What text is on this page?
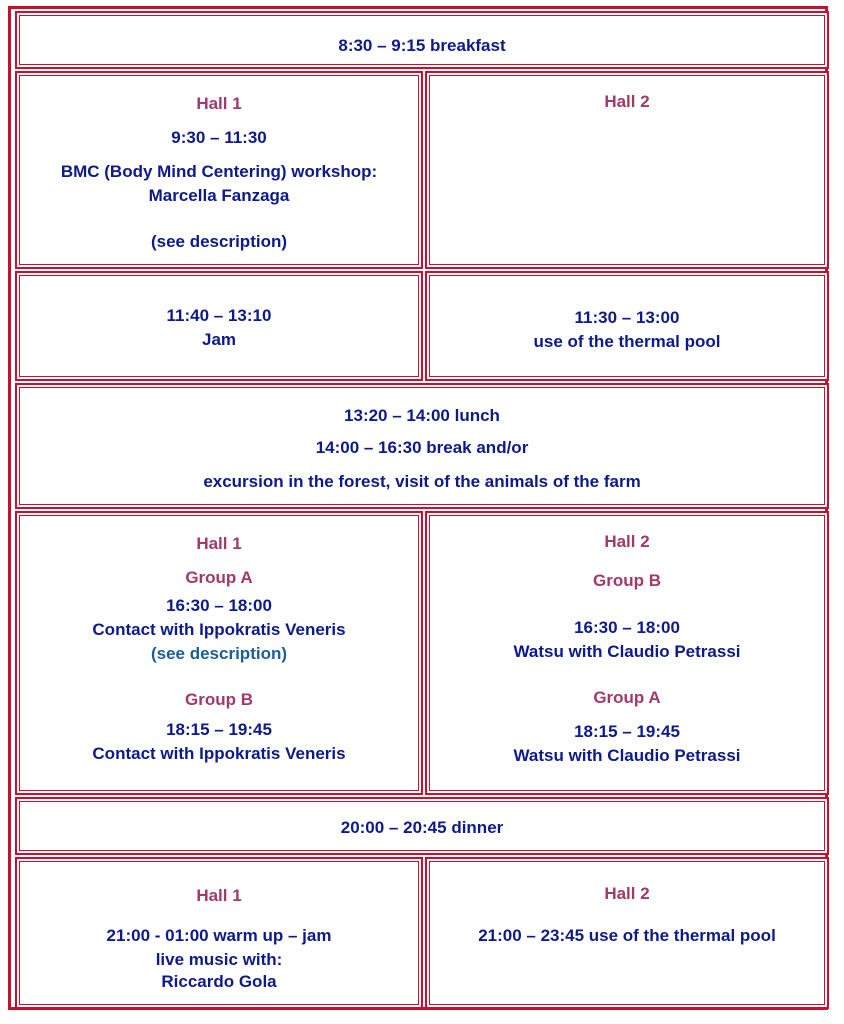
8:30 – 9:15 breakfast
Hall 1
9:30 – 11:30
BMC (Body Mind Centering) workshop:
Marcella Fanzaga
(see description)
Hall 2
11:40 – 13:10
Jam
11:30 – 13:00
use of the thermal pool
13:20 – 14:00 lunch
14:00 – 16:30 break and/or
excursion in the forest, visit of the animals of the farm
Hall 1
Group A
16:30 – 18:00
Contact with Ippokratis Veneris
(see description)
Group B
18:15 – 19:45
Contact with Ippokratis Veneris
Hall 2
Group B
16:30 – 18:00
Watsu with Claudio Petrassi
Group A
18:15 – 19:45
Watsu with Claudio Petrassi
20:00 – 20:45 dinner
Hall 1
21:00 - 01:00 warm up – jam
live music with:
Riccardo Gola
Hall 2
21:00 – 23:45 use of the thermal pool
